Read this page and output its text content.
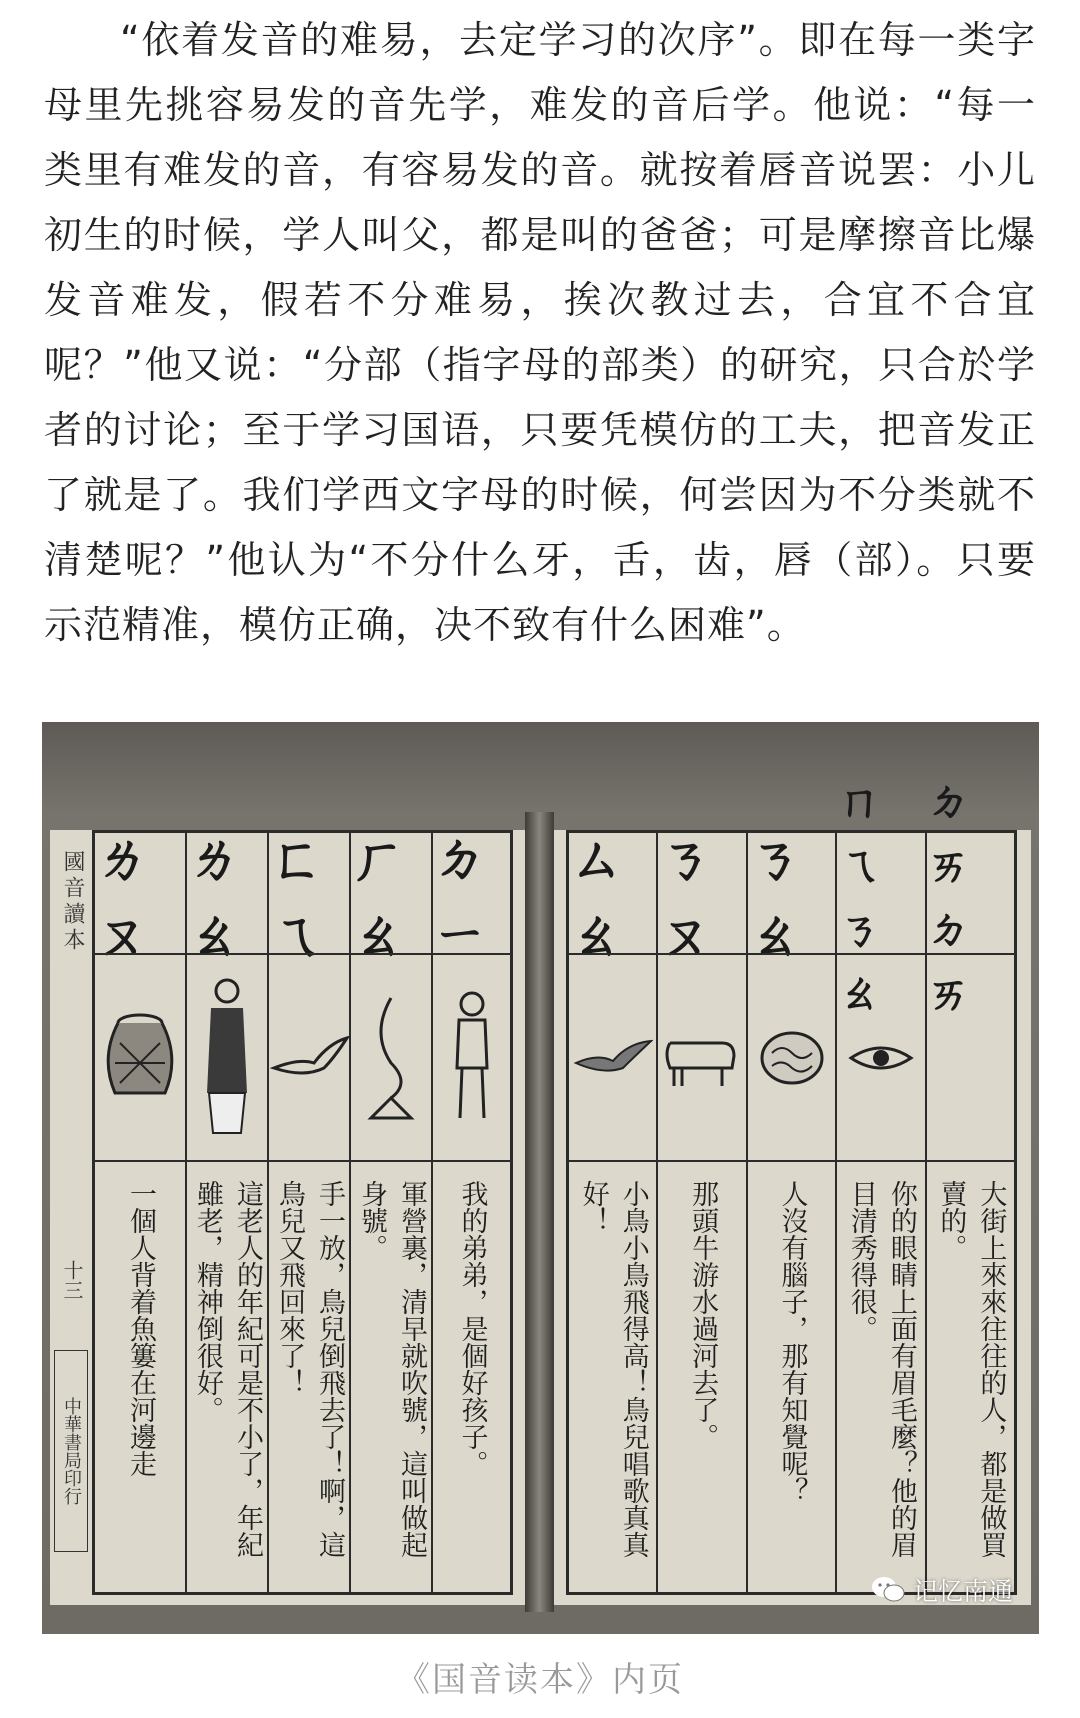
“依着发音的难易，去定学习的次序”。即在每一类字母里先挑容易发的音先学，难发的音后学。他说：“每一类里有难发的音，有容易发的音。就按着唇音说罢：小儿初生的时候，学人叫父，都是叫的爸爸；可是摩擦音比爆发音难发，假若不分难易，挨次教过去，合宜不合宜呢？”他又说：“分部（指字母的部类）的研究，只合於学者的讨论；至于学习国语，只要凭模仿的工夫，把音发正了就是了。我们学西文字母的时候，何尝因为不分类就不清楚呢？”他认为“不分什么牙，舌，齿，唇（部）。只要示范精准，模仿正确，决不致有什么困难”。

國音讀本
十三
中華書局印行
ㄌㄡ
一個人背着魚簍在河邊走
ㄌㄠ
這老人的年紀可是不小了，年紀雖老，精神倒很好。
ㄈㄟ
手一放，鳥兒倒飛去了！啊，這鳥兒又飛回來了！
ㄏㄠ
軍營裏，清早就吹號，這叫做起身號。
ㄉㄧ
我的弟弟，是個好孩子。
ㄙㄠ
小鳥小鳥飛得高！鳥兒唱歌真真好！
ㄋㄡ
那頭牛游水過河去了。
ㄋㄠ
人沒有腦子，那有知覺呢？
ㄇㄟㄋㄠ
你的眼睛上面有眉毛麼？他的眉目清秀得很。
ㄉㄞㄉㄞ
大街上來來往往的人，都是做買賣的。
记忆南通
《国音读本》内页
